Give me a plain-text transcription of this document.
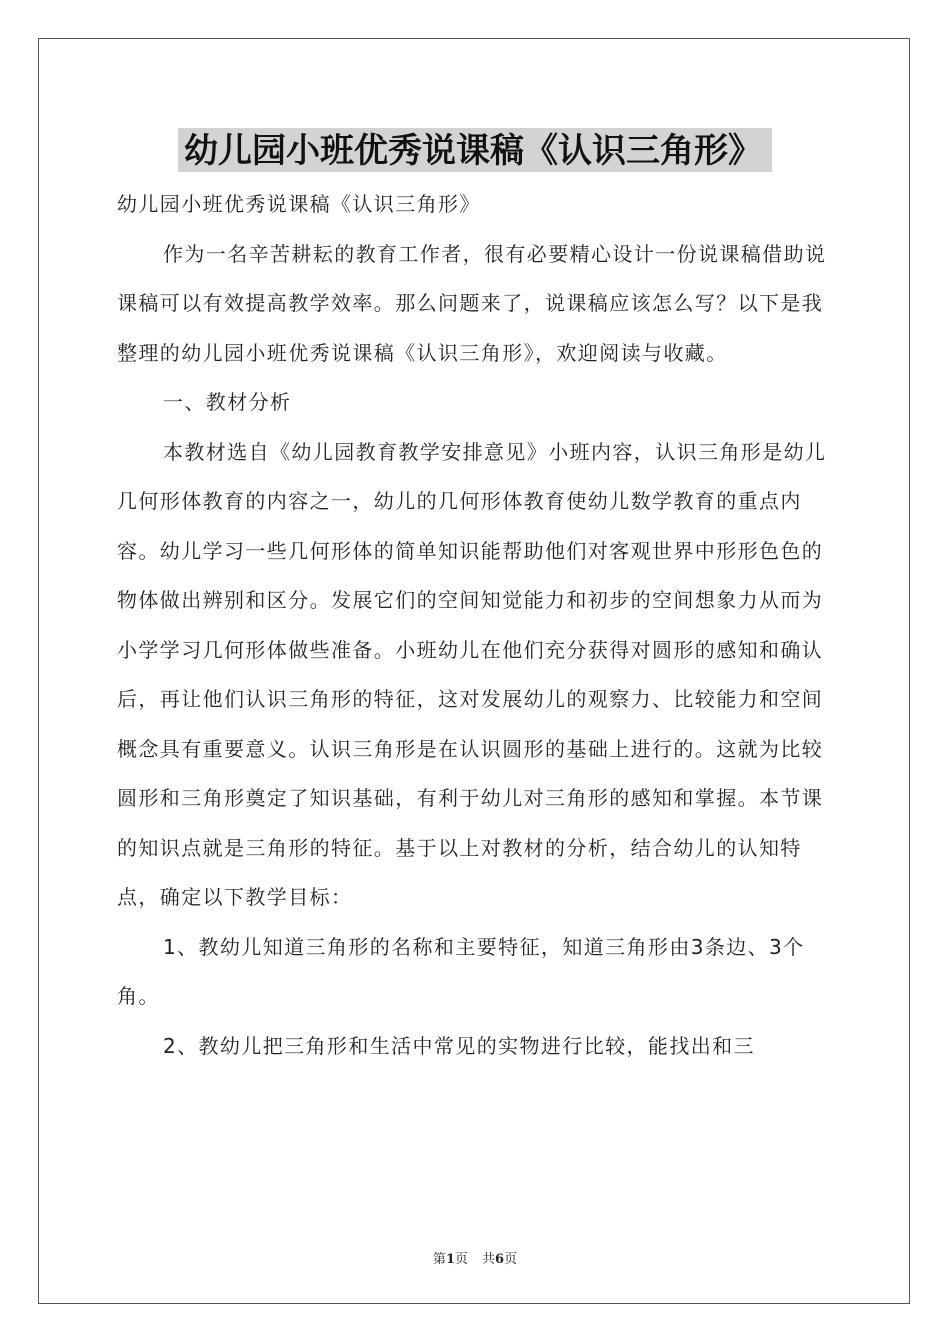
幼儿园小班优秀说课稿《认识三角形》

幼儿园小班优秀说课稿《认识三角形》

作为一名辛苦耕耘的教育工作者，很有必要精心设计一份说课稿借助说课稿可以有效提高教学效率。那么问题来了，说课稿应该怎么写？以下是我整理的幼儿园小班优秀说课稿《认识三角形》，欢迎阅读与收藏。

一、教材分析

本教材选自《幼儿园教育教学安排意见》小班内容，认识三角形是幼儿几何形体教育的内容之一，幼儿的几何形体教育使幼儿数学教育的重点内容。幼儿学习一些几何形体的简单知识能帮助他们对客观世界中形形色色的物体做出辨别和区分。发展它们的空间知觉能力和初步的空间想象力从而为小学学习几何形体做些准备。小班幼儿在他们充分获得对圆形的感知和确认后，再让他们认识三角形的特征，这对发展幼儿的观察力、比较能力和空间概念具有重要意义。认识三角形是在认识圆形的基础上进行的。这就为比较圆形和三角形奠定了知识基础，有利于幼儿对三角形的感知和掌握。本节课的知识点就是三角形的特征。基于以上对教材的分析，结合幼儿的认知特点，确定以下教学目标：

1、教幼儿知道三角形的名称和主要特征，知道三角形由3条边、3个角。

2、教幼儿把三角形和生活中常见的实物进行比较，能找出和三

第1页 共6页
